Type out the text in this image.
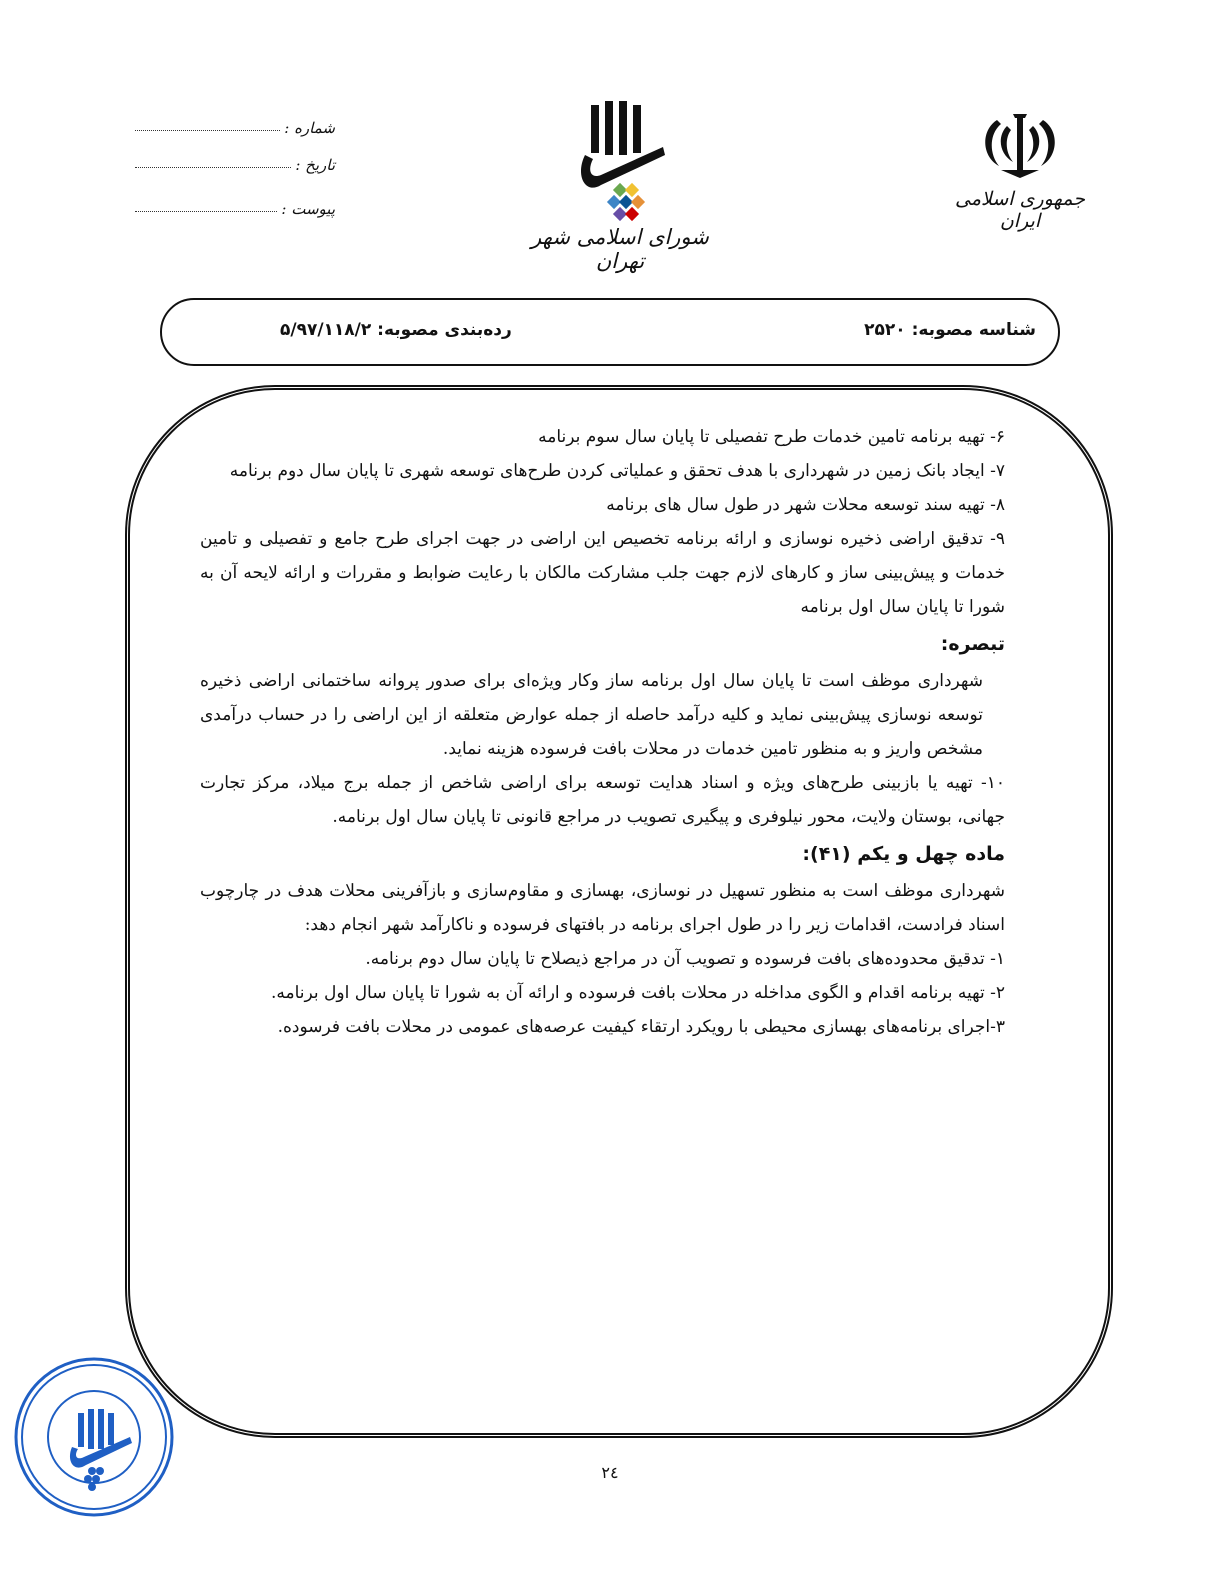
جمهوری اسلامی ایران
شورای اسلامی شهر تهران
شماره :
تاریخ :
پیوست :
شناسه مصوبه: ۲۵۲۰
رده‌بندی مصوبه: ۵/۹۷/۱۱۸/۲

۶- تهیه برنامه تامین خدمات طرح تفصیلی تا پایان سال سوم برنامه

۷- ایجاد بانک زمین در شهرداری با هدف تحقق و عملیاتی کردن طرح‌های توسعه شهری تا پایان سال دوم برنامه

۸- تهیه سند توسعه محلات شهر در طول سال های برنامه

۹- تدقیق اراضی ذخیره نوسازی و ارائه برنامه تخصیص این اراضی در جهت اجرای طرح جامع و تفصیلی و تامین خدمات و پیش‌بینی ساز و کارهای لازم جهت جلب مشارکت مالکان با رعایت ضوابط و مقررات و ارائه لایحه آن به شورا تا پایان سال اول برنامه

تبصره:

شهرداری موظف است تا پایان سال اول برنامه ساز وکار ویژه‌ای برای صدور پروانه ساختمانی اراضی ذخیره توسعه نوسازی پیش‌بینی نماید و کلیه درآمد حاصله از جمله عوارض متعلقه از این اراضی را در حساب درآمدی مشخص واریز و به منظور تامین خدمات در محلات بافت فرسوده هزینه نماید.

۱۰- تهیه یا بازبینی طرح‌های ویژه و اسناد هدایت توسعه برای اراضی شاخص از جمله برج میلاد، مرکز تجارت جهانی، بوستان ولایت، محور نیلوفری و پیگیری تصویب در مراجع قانونی تا پایان سال اول برنامه.

ماده چهل و یکم (۴۱):

شهرداری موظف است به منظور تسهیل در نوسازی، بهسازی و مقاوم‌سازی و بازآفرینی محلات هدف در چارچوب اسناد فرادست، اقدامات زیر را در طول اجرای برنامه در بافتهای فرسوده و ناکارآمد شهر انجام دهد:

۱- تدقیق محدوده‌های بافت فرسوده و تصویب آن در مراجع ذیصلاح تا پایان سال دوم برنامه.

۲- تهیه برنامه اقدام و الگوی مداخله در محلات بافت فرسوده و ارائه آن به شورا تا پایان سال اول برنامه.

۳-اجرای برنامه‌های بهسازی محیطی با رویکرد ارتقاء کیفیت عرصه‌های عمومی در محلات بافت فرسوده.

۲٤
